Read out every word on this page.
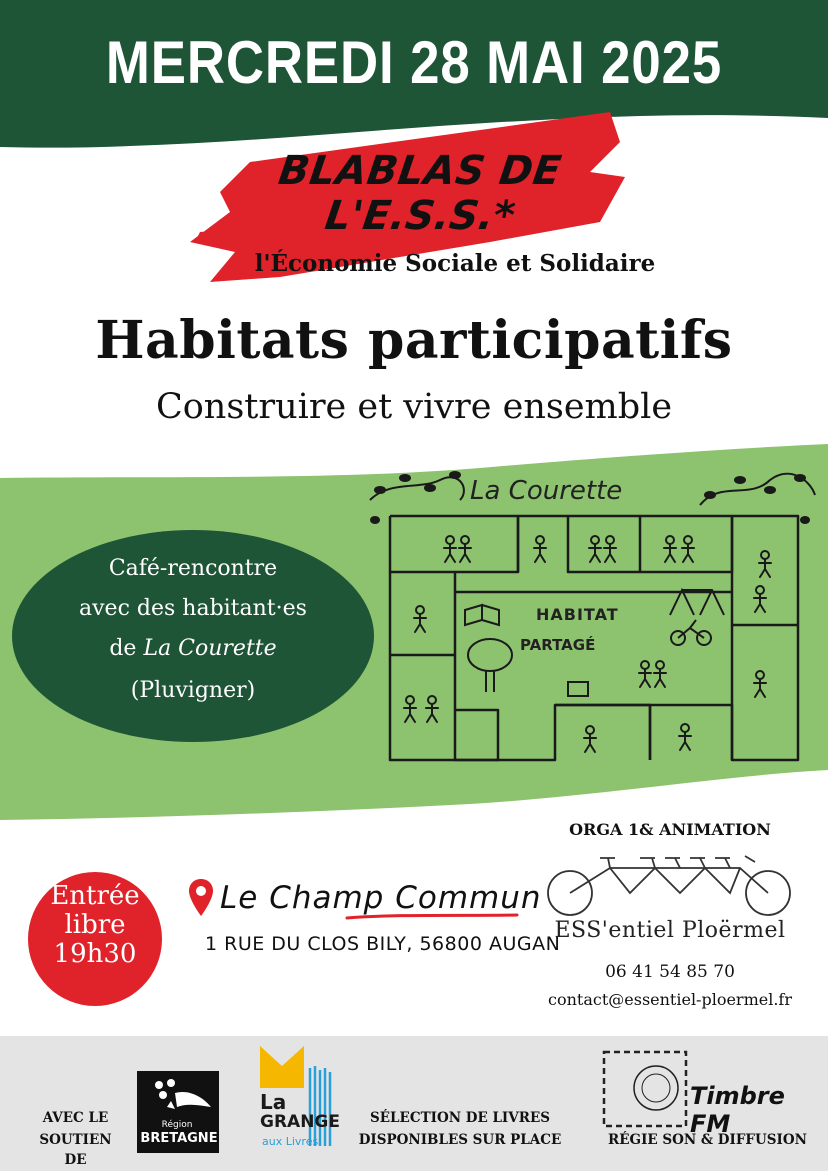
MERCREDI 28 MAI 2025
BLABLAS DE
L'E.S.S.*
l'Économie Sociale et Solidaire
Habitats participatifs
Construire et vivre ensemble
Café-rencontre
avec des habitant·es
de La Courette
(Pluvigner)
La Courette
HABITAT
PARTAGÉ
Entrée
libre
19h30
Le Champ Commun
1 RUE DU CLOS BILY, 56800 AUGAN
ORGA 1& ANIMATION
ESS'entiel Ploërmel
06 41 54 85 70
contact@essentiel-ploermel.fr
AVEC LE
SOUTIEN DE
Région
BRETAGNE
La
GRANGE
aux Livres
SÉLECTION DE LIVRES
DISPONIBLES SUR PLACE
Timbre FM
RÉGIE SON & DIFFUSION
